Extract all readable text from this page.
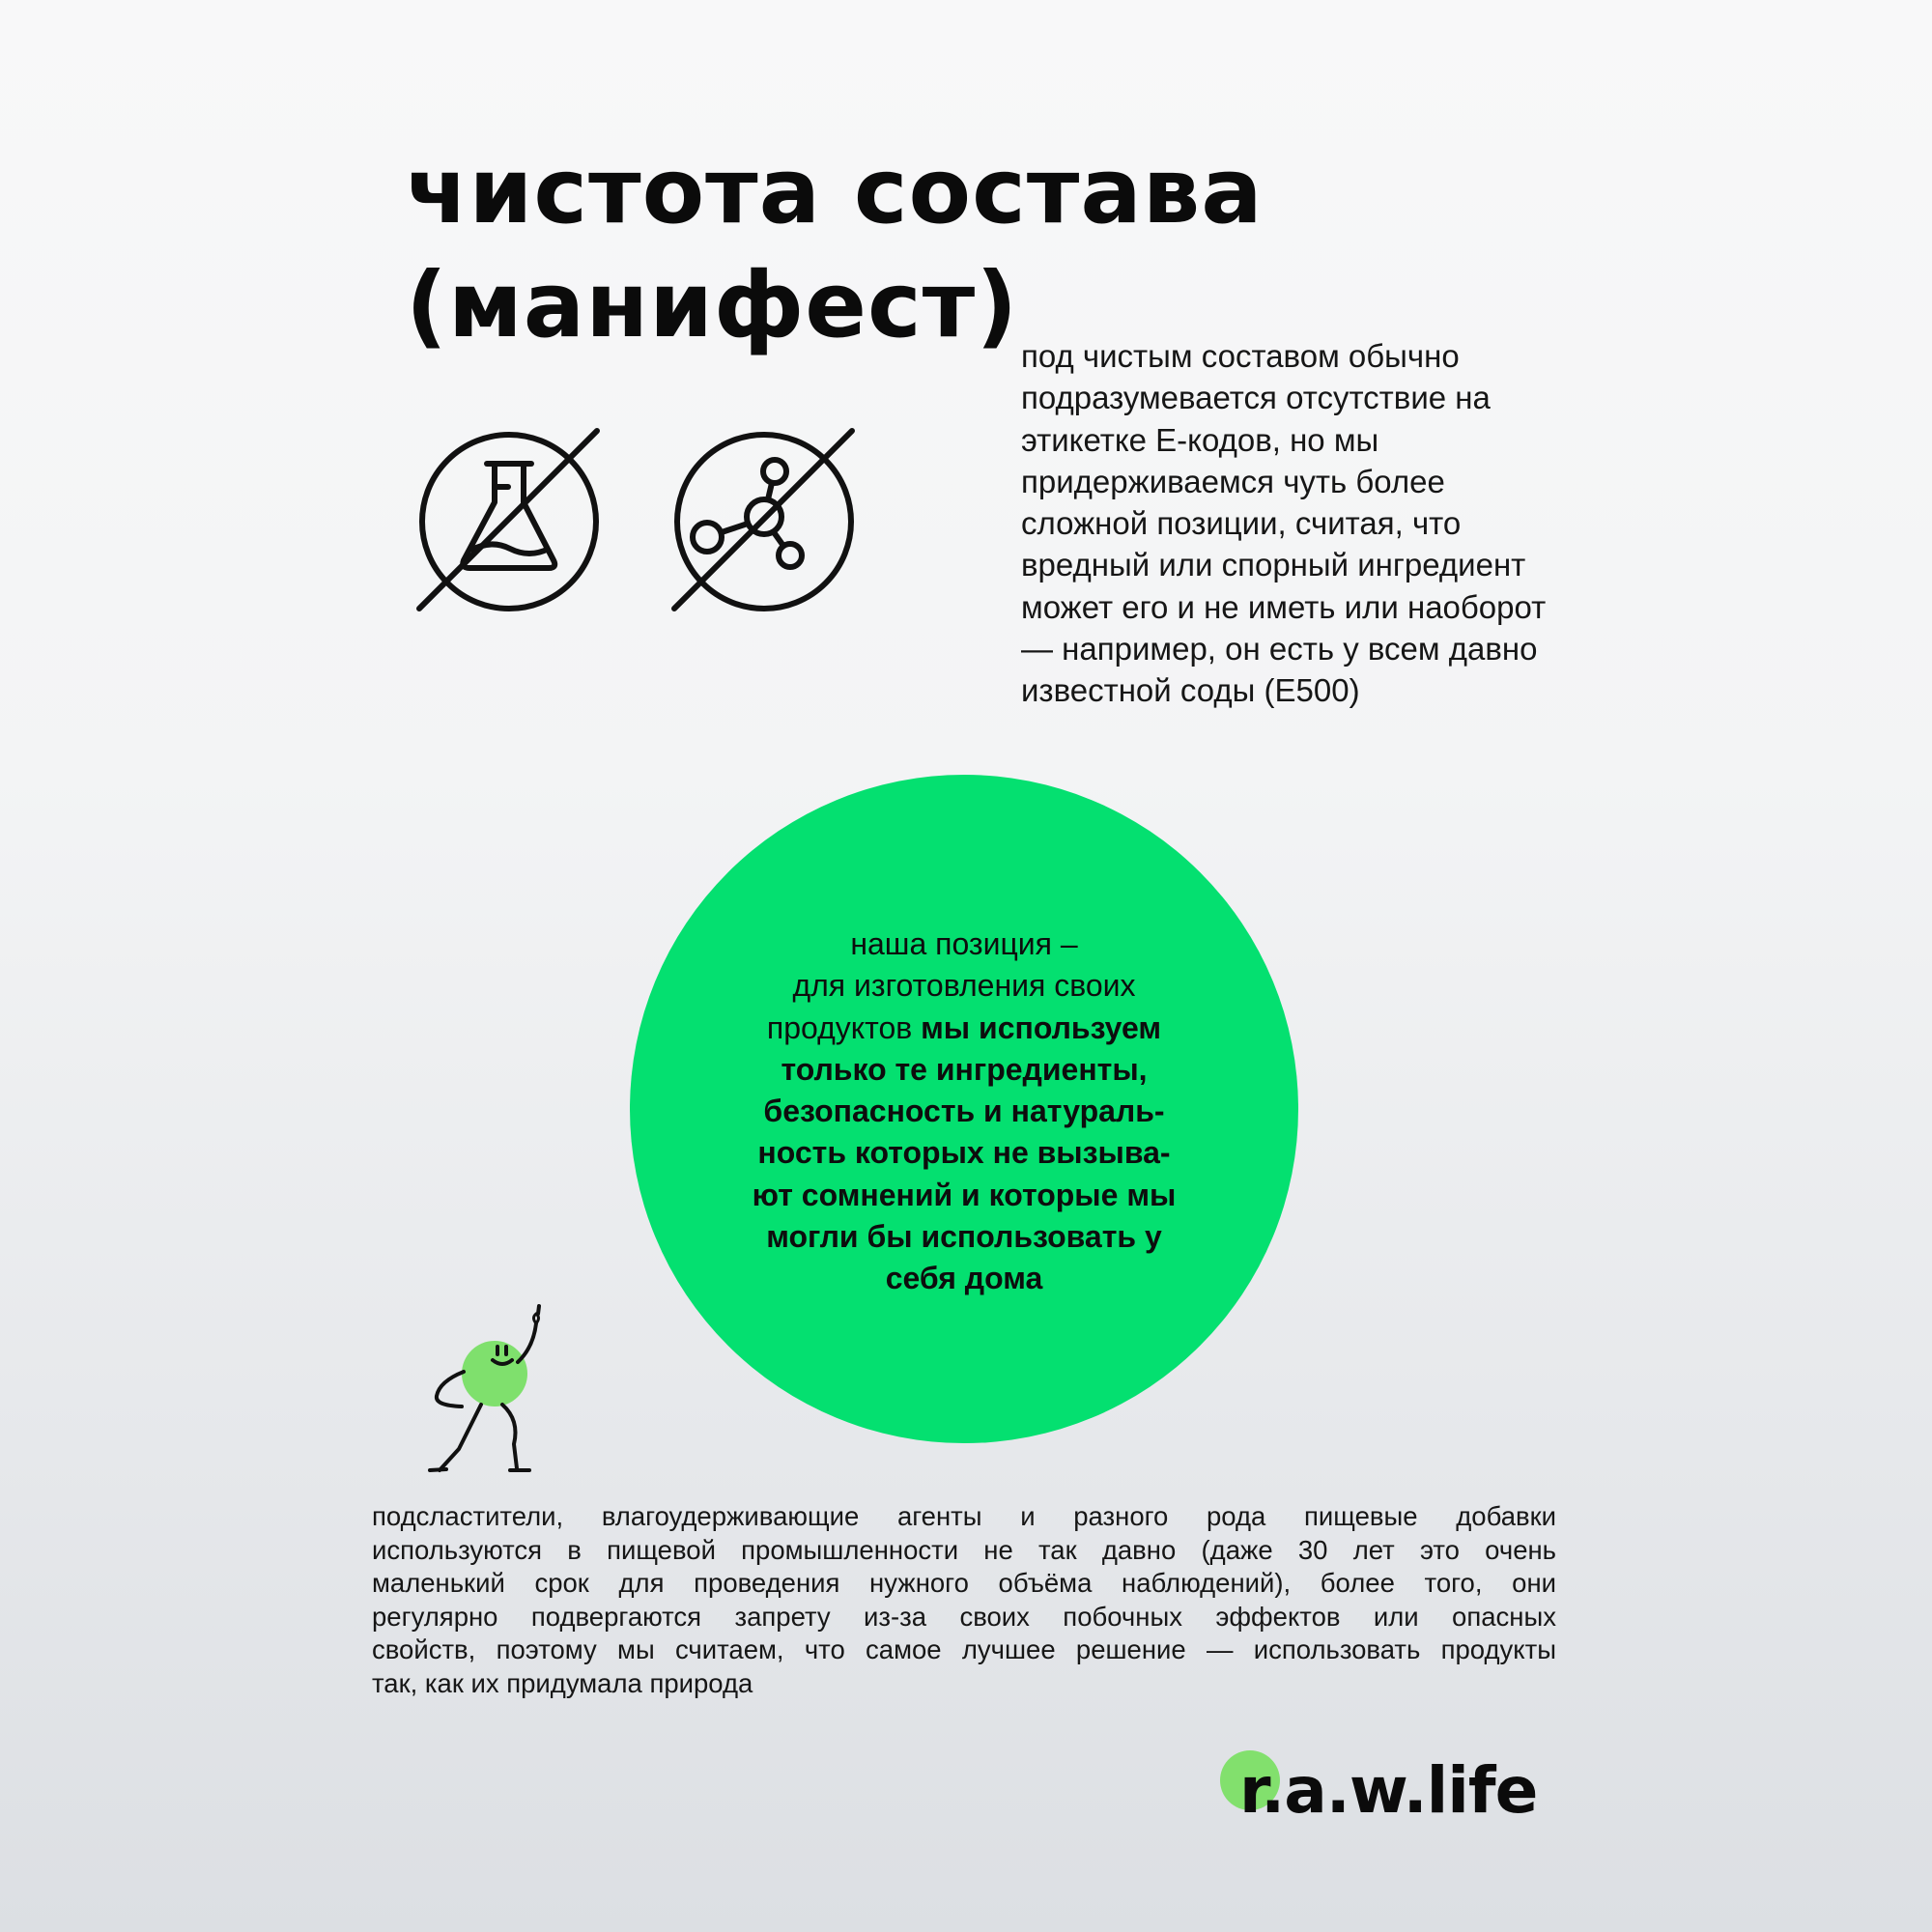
чистота состава
(манифест) под чистым составом обычно
подразумевается отсутствие на
этикетке Е-кодов, но мы
придерживаемся чуть более
сложной позиции, считая, что
вредный или спорный ингредиент
может его и не иметь или наоборот
— например, он есть у всем давно
известной соды (Е500)

наша позиция –
для изготовления своих
продуктов мы используем
только те ингредиенты,
безопасность и натураль-
ность которых не вызыва-
ют сомнений и которые мы
могли бы использовать у
себя дома

подсластители, влагоудерживающие агенты и разного рода пищевые добавки
используются в пищевой промышленности не так давно (даже 30 лет это очень
маленький срок для проведения нужного объёма наблюдений), более того, они
регулярно подвергаются запрету из-за своих побочных эффектов или опасных
свойств, поэтому мы считаем, что самое лучшее решение — использовать продукты
так, как их придумала природа

r.a.w.life
